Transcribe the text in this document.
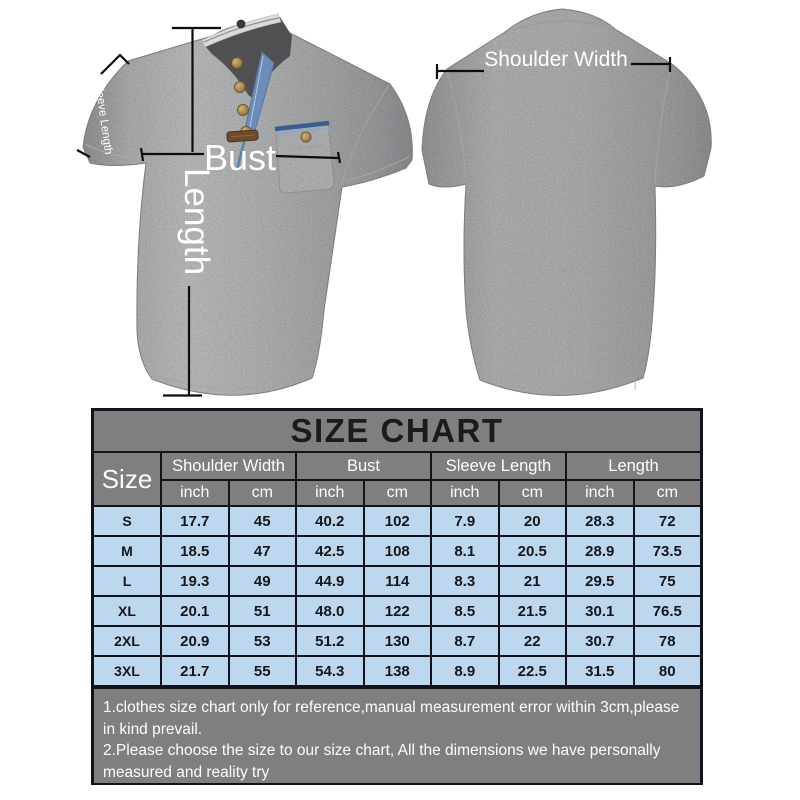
Sleeve Length
Bust
Length
Shoulder Width
SIZE CHART
Size	Shoulder Width	Bust	Sleeve Length	Length
inch	cm	inch	cm	inch	cm	inch	cm
S	17.7	45	40.2	102	7.9	20	28.3	72
M	18.5	47	42.5	108	8.1	20.5	28.9	73.5
L	19.3	49	44.9	114	8.3	21	29.5	75
XL	20.1	51	48.0	122	8.5	21.5	30.1	76.5
2XL	20.9	53	51.2	130	8.7	22	30.7	78
3XL	21.7	55	54.3	138	8.9	22.5	31.5	80

1.clothes size chart only for reference,manual measurement error within 3cm,please in kind prevail.

2.Please choose the size to our size chart, All the dimensions we have personally measured and reality try
